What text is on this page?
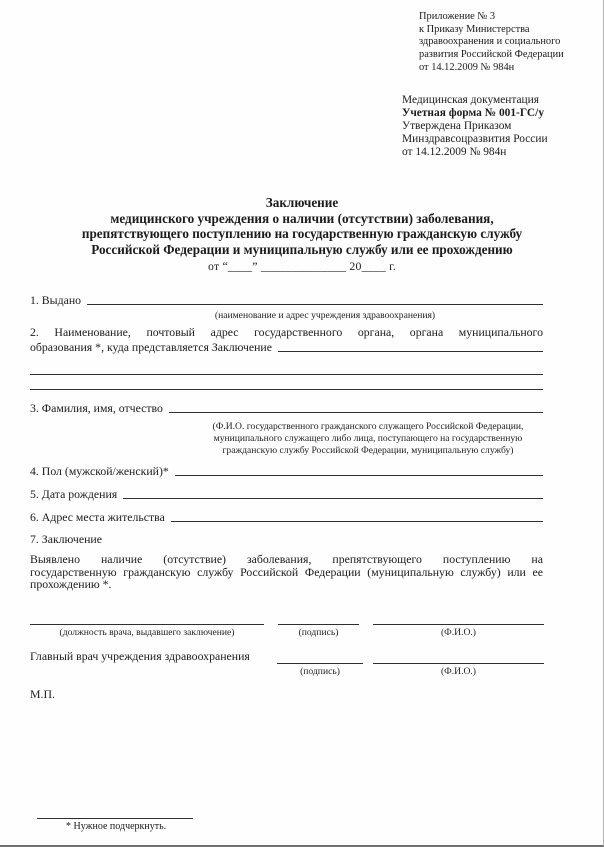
Приложение № 3
к Приказу Министерства
здравоохранения и социального
развития Российской Федерации
от 14.12.2009 № 984н
Медицинская документация
Учетная форма № 001-ГС/у
Утверждена Приказом
Минздравсоцразвития России
от 14.12.2009 № 984н
Заключение
медицинского учреждения о наличии (отсутствии) заболевания,
препятствующего поступлению на государственную гражданскую службу
Российской Федерации и муниципальную службу или ее прохождению
от “____” ______________ 20____ г.
1. Выдано
(наименование и адрес учреждения здравоохранения)
2. Наименование, почтовый адрес государственного органа, органа муниципального
образования *, куда представляется Заключение
3. Фамилия, имя, отчество
(Ф.И.О. государственного гражданского служащего Российской Федерации,
муниципального служащего либо лица, поступающего на государственную
гражданскую службу Российской Федерации, муниципальную службу)
4. Пол (мужской/женский)*
5. Дата рождения
6. Адрес места жительства
7. Заключение
Выявлено наличие (отсутствие) заболевания, препятствующего поступлению на
государственную гражданскую службу Российской Федерации (муниципальную службу) или ее
прохождению *.
(должность врача, выдавшего заключение)	(подпись)	(Ф.И.О.)
Главный врач учреждения здравоохранения
(подпись)	(Ф.И.О.)
М.П.
* Нужное подчеркнуть.
